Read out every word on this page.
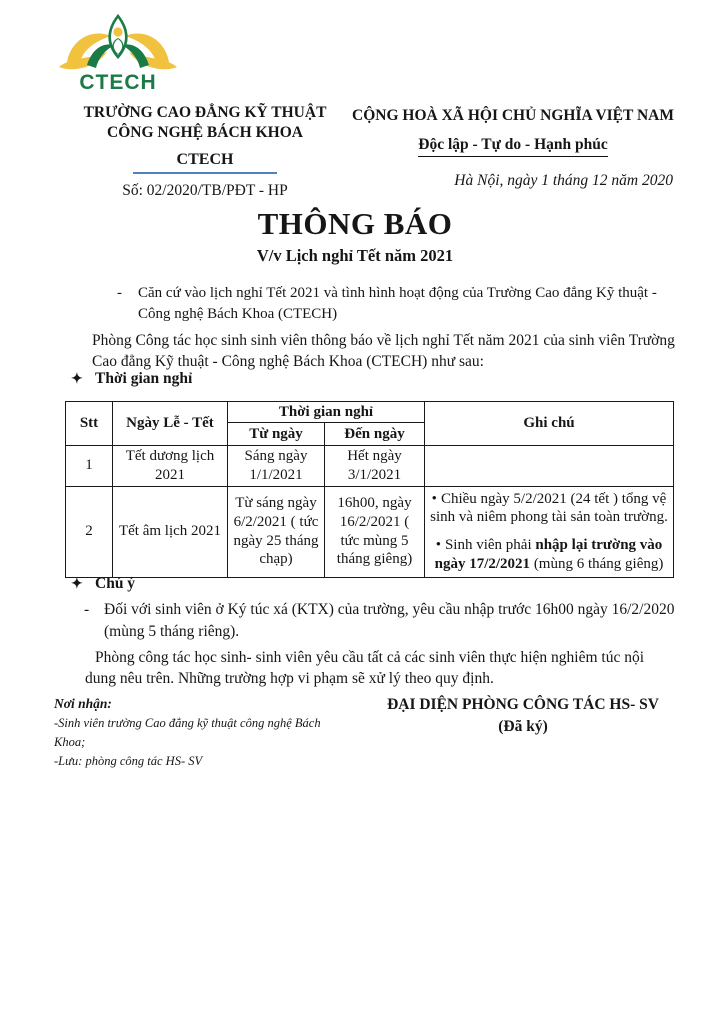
CTECH
TRƯỜNG CAO ĐẲNG KỸ THUẬT
CÔNG NGHỆ BÁCH KHOA
CTECH
Số: 02/2020/TB/PĐT - HP
CỘNG HOÀ XÃ HỘI CHỦ NGHĨA VIỆT NAM
Độc lập - Tự do - Hạnh phúc
Hà Nội, ngày 1 tháng 12 năm 2020
THÔNG BÁO
V/v Lịch nghỉ Tết năm 2021
-	Căn cứ vào lịch nghỉ Tết 2021 và tình hình hoạt động của Trường Cao đẳng Kỹ thuật - Công nghệ Bách Khoa (CTECH)
Phòng Công tác học sinh sinh viên thông báo về lịch nghỉ Tết năm 2021 của sinh viên Trường Cao đẳng Kỹ thuật - Công nghệ Bách Khoa (CTECH) như sau:
✦ Thời gian nghỉ
Stt	Ngày Lễ - Tết	Thời gian nghỉ		Ghi chú
		Từ ngày	Đến ngày	
1	Tết dương lịch 2021	Sáng ngày 1/1/2021	Hết ngày 3/1/2021	
2	Tết âm lịch 2021	Từ sáng ngày 6/2/2021 ( tức ngày 25 tháng chạp)	16h00, ngày 16/2/2021 ( tức mùng 5 tháng giêng)	• Chiều ngày 5/2/2021 (24 tết ) tổng vệ sinh và niêm phong tài sản toàn trường.
• Sinh viên phải nhập lại trường vào ngày 17/2/2021 (mùng 6 tháng giêng)
✦ Chú ý
- Đối với sinh viên ở Ký túc xá (KTX) của trường, yêu cầu nhập trước 16h00 ngày 16/2/2020 (mùng 5 tháng riêng).
Phòng công tác học sinh- sinh viên yêu cầu tất cả các sinh viên thực hiện nghiêm túc nội dung nêu trên. Những trường hợp vi phạm sẽ xử lý theo quy định.
Nơi nhận:
-Sinh viên trường Cao đẳng kỹ thuật công nghệ Bách Khoa;
-Lưu: phòng công tác HS- SV
ĐẠI DIỆN PHÒNG CÔNG TÁC HS- SV
(Đã ký)
